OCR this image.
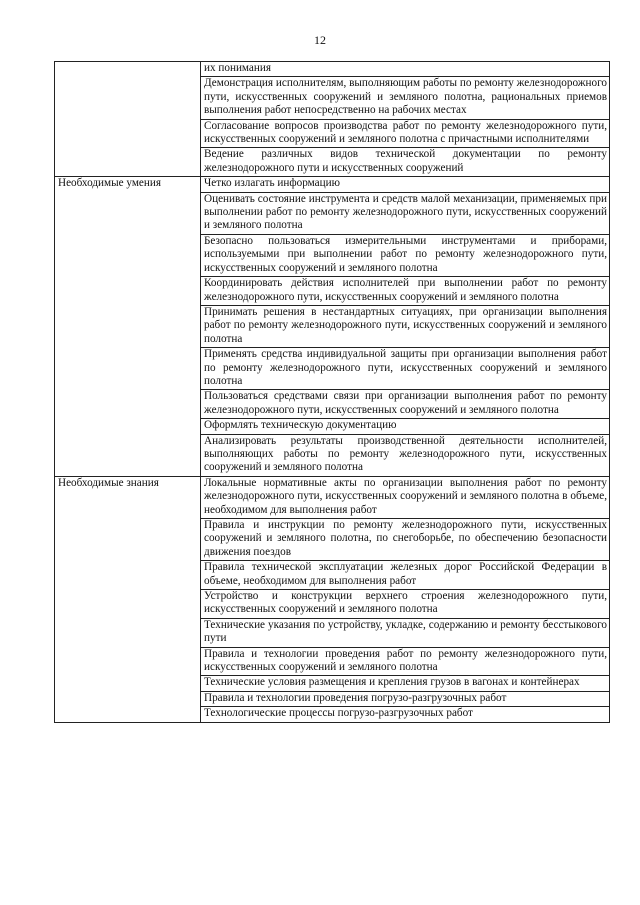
12
	их понимания
	Демонстрация исполнителям, выполняющим работы по ремонту железнодорожного пути, искусственных сооружений и земляного полотна, рациональных приемов выполнения работ непосредственно на рабочих местах
	Согласование вопросов производства работ по ремонту железнодорожного пути, искусственных сооружений и земляного полотна с причастными исполнителями
	Ведение различных видов технической документации по ремонту железнодорожного пути и искусственных сооружений
Необходимые умения	Четко излагать информацию
	Оценивать состояние инструмента и средств малой механизации, применяемых при выполнении работ по ремонту железнодорожного пути, искусственных сооружений и земляного полотна
	Безопасно пользоваться измерительными инструментами и приборами, используемыми при выполнении работ по ремонту железнодорожного пути, искусственных сооружений и земляного полотна
	Координировать действия исполнителей при выполнении работ по ремонту железнодорожного пути, искусственных сооружений и земляного полотна
	Принимать решения в нестандартных ситуациях, при организации выполнения работ по ремонту железнодорожного пути, искусственных сооружений и земляного полотна
	Применять средства индивидуальной защиты при организации выполнения работ по ремонту железнодорожного пути, искусственных сооружений и земляного полотна
	Пользоваться средствами связи при организации выполнения работ по ремонту железнодорожного пути, искусственных сооружений и земляного полотна
	Оформлять техническую документацию
	Анализировать результаты производственной деятельности исполнителей, выполняющих работы по ремонту железнодорожного пути, искусственных сооружений и земляного полотна
Необходимые знания	Локальные нормативные акты по организации выполнения работ по ремонту железнодорожного пути, искусственных сооружений и земляного полотна в объеме, необходимом для выполнения работ
	Правила и инструкции по ремонту железнодорожного пути, искусственных сооружений и земляного полотна, по снегоборьбе, по обеспечению безопасности движения поездов
	Правила технической эксплуатации железных дорог Российской Федерации в объеме, необходимом для выполнения работ
	Устройство и конструкции верхнего строения железнодорожного пути, искусственных сооружений и земляного полотна
	Технические указания по устройству, укладке, содержанию и ремонту бесстыкового пути
	Правила и технологии проведения работ по ремонту железнодорожного пути, искусственных сооружений и земляного полотна
	Технические условия размещения и крепления грузов в вагонах и контейнерах
	Правила и технологии проведения погрузо-разгрузочных работ
	Технологические процессы погрузо-разгрузочных работ
